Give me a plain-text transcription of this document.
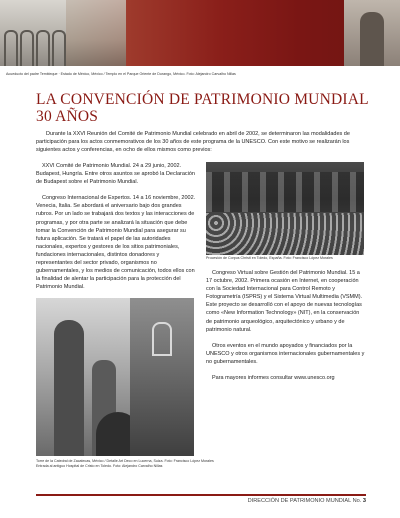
Acueducto del padre Tembleque · Estado de México, México / Templo en el Parque Oriente de Durango, México. Foto: Alejandro Carvalho Nillas
LA CONVENCIÓN DE PATRIMONIO MUNDIAL
30 AÑOS

Durante la XXVI Reunión del Comité de Patrimonio Mundial celebrado en abril de 2002, se determinaron las modalidades de participación para los actos conmemorativos de los 30 años de este programa de la UNESCO. Con este motivo se realizarán los siguientes actos y conferencias, en ocho de ellos mismos como previos:

XXVI Comité de Patrimonio Mundial. 24 a 29 junio, 2002. Budapest, Hungría. Entre otros asuntos se aprobó la Declaración de Budapest sobre el Patrimonio Mundial.

Congreso Internacional de Expertos. 14 a 16 noviembre, 2002. Venecia, Italia. Se abordará el aniversario bajo dos grandes rubros. Por un lado se trabajará dos textos y las interacciones de programas, y por otra parte se analizará la situación que debe tomar la Convención de Patrimonio Mundial para asegurar su futura aplicación. Se tratará el papel de las autoridades nacionales, expertos y gestores de los sitios patrimoniales, fundaciones internacionales, distintos donadores y representantes del sector privado, organismos no gubernamentales, y los medios de comunicación, todos ellos con la finalidad de alentar la participación para la protección del Patrimonio Mundial.

Procesión de Corpus Christi en Toledo, España. Foto: Francisco López Morales

Congreso Virtual sobre Gestión del Patrimonio Mundial. 15 a 17 octubre, 2002. Primera ocasión en Internet, en cooperación con la Sociedad Internacional para Control Remoto y Fotogrametría (ISPRS) y el Sistema Virtual Multimedia (VSMM). Este proyecto se desarrolló con el apoyo de nuevas tecnologías como «New Information Technology» (NIT), en la conservación de patrimonio arqueológico, arquitectónico y urbano y de patrimonio natural.

Otros eventos en el mundo apoyados y financiados por la UNESCO y otros organismos internacionales gubernamentales y no gubernamentales.

Para mayores informes consultar www.unesco.org

Torre de la Catedral de Zacatecas, México / Detalle Art Deco en Lucerna, Suiza. Foto: Francisco López Morales
Entrada al antiguo Hospital de Cristo en Toledo. Foto: Alejandro Carvalho Nillas
DIRECCIÓN DE PATRIMONIO MUNDIAL No. 3
